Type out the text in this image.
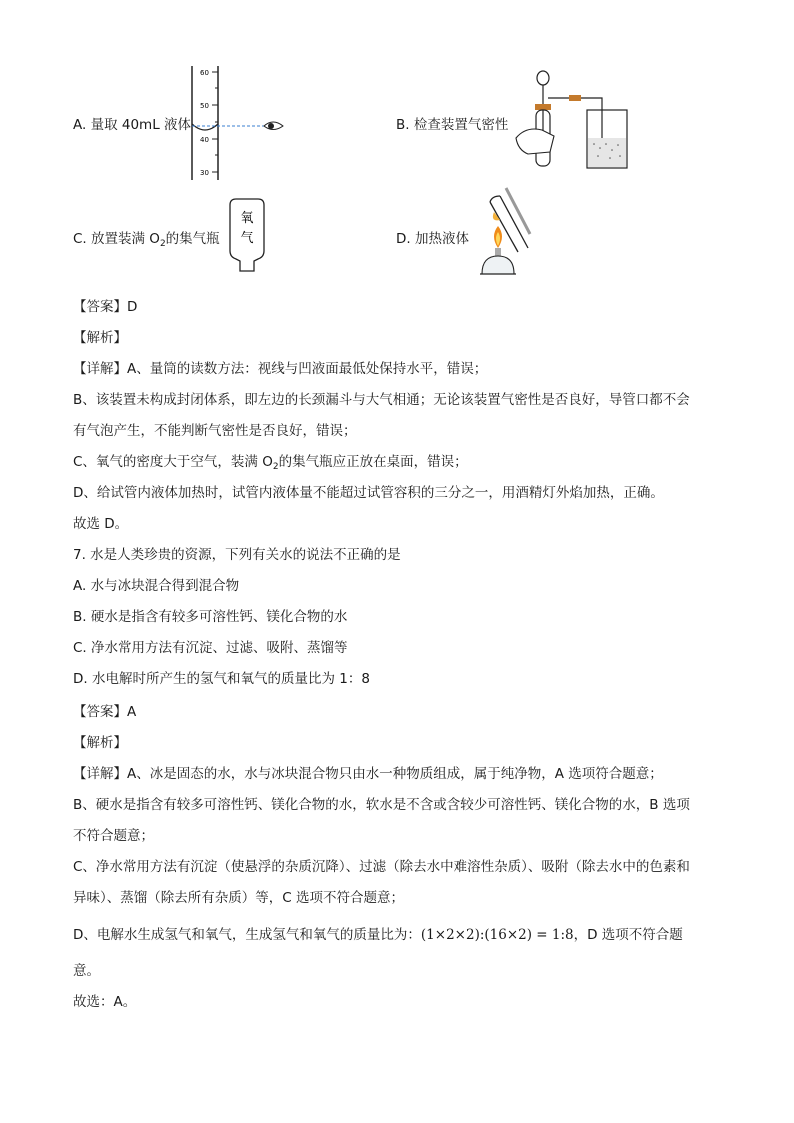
A. 量取 40mL 液体
60
50
40
30
B. 检查装置气密性
C. 放置装满 $O_2$的集气瓶
氧
气	D. 加热液体
【答案】D
【解析】
【详解】A、量筒的读数方法：视线与凹液面最低处保持水平，错误；
B、该装置未构成封闭体系，即左边的长颈漏斗与大气相通；无论该装置气密性是否良好，导管口都不会
有气泡产生，不能判断气密性是否良好，错误；
C、氧气的密度大于空气，装满 $O_2$的集气瓶应正放在桌面，错误；
D、给试管内液体加热时，试管内液体量不能超过试管容积的三分之一，用酒精灯外焰加热，正确。
故选 D。
7. 水是人类珍贵的资源，下列有关水的说法不正确的是
A. 水与冰块混合得到混合物
B. 硬水是指含有较多可溶性钙、镁化合物的水
C. 净水常用方法有沉淀、过滤、吸附、蒸馏等
D. 水电解时所产生的氢气和氧气的质量比为 1：8
【答案】A
【解析】
【详解】A、冰是固态的水，水与冰块混合物只由水一种物质组成，属于纯净物，A 选项符合题意；
B、硬水是指含有较多可溶性钙、镁化合物的水，软水是不含或含较少可溶性钙、镁化合物的水，B 选项
不符合题意；
C、净水常用方法有沉淀（使悬浮的杂质沉降）、过滤（除去水中难溶性杂质）、吸附（除去水中的色素和
异味）、蒸馏（除去所有杂质）等，C 选项不符合题意；
D、电解水生成氢气和氧气，生成氢气和氧气的质量比为：(1×2×2):(16×2) = 1:8，D 选项不符合题
意。
故选：A。
